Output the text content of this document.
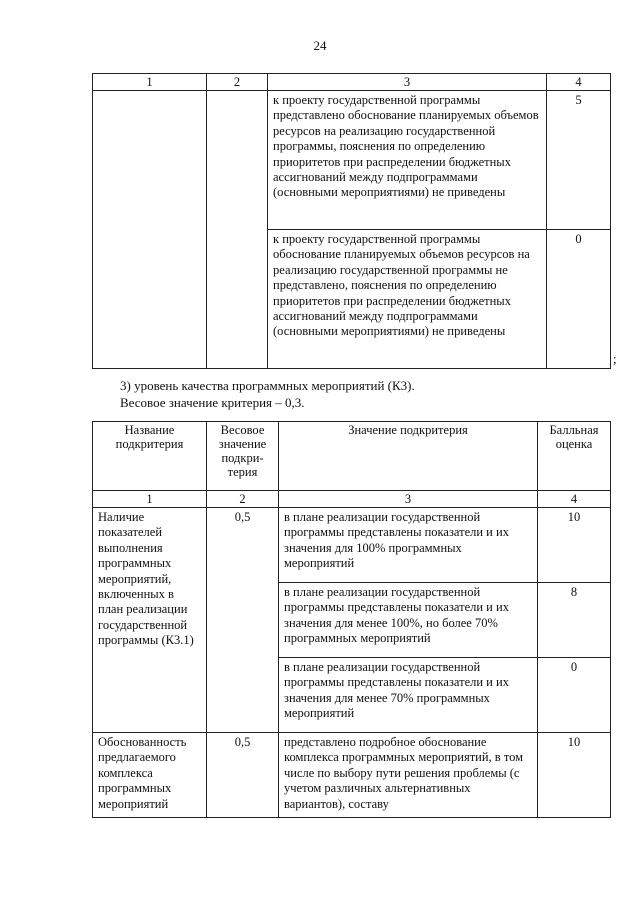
24
1	2	3	4
		к проекту государственной программы представлено обоснование планируемых объемов ресурсов на реализацию государственной программы, пояснения по определению приоритетов при распределении бюджетных ассигнований между подпрограммами (основными мероприятиями) не приведены	5
		к проекту государственной программы обоснование планируемых объемов ресурсов на реализацию государственной программы не представлено, пояснения по определению приоритетов при распределении бюджетных ассигнований между подпрограммами (основными мероприятиями) не приведены	0
;
3) уровень качества программных мероприятий (К3).
Весовое значение критерия – 0,3.
Название подкритерия	Весовое значение подкри-терия	Значение подкритерия	Балльная оценка
1	2	3	4
Наличие показателей выполнения программных мероприятий, включенных в план реализации государственной программы (К3.1)	0,5	в плане реализации государственной программы представлены показатели и их значения для 100% программных мероприятий	10
		в плане реализации государственной программы представлены показатели и их значения для менее 100%, но более 70% программных мероприятий	8
		в плане реализации государственной программы представлены показатели и их значения для менее 70% программных мероприятий	0
Обоснованность предлагаемого комплекса программных мероприятий	0,5	представлено подробное обоснование комплекса программных мероприятий, в том числе по выбору пути решения проблемы (с учетом различных альтернативных вариантов), составу	10
